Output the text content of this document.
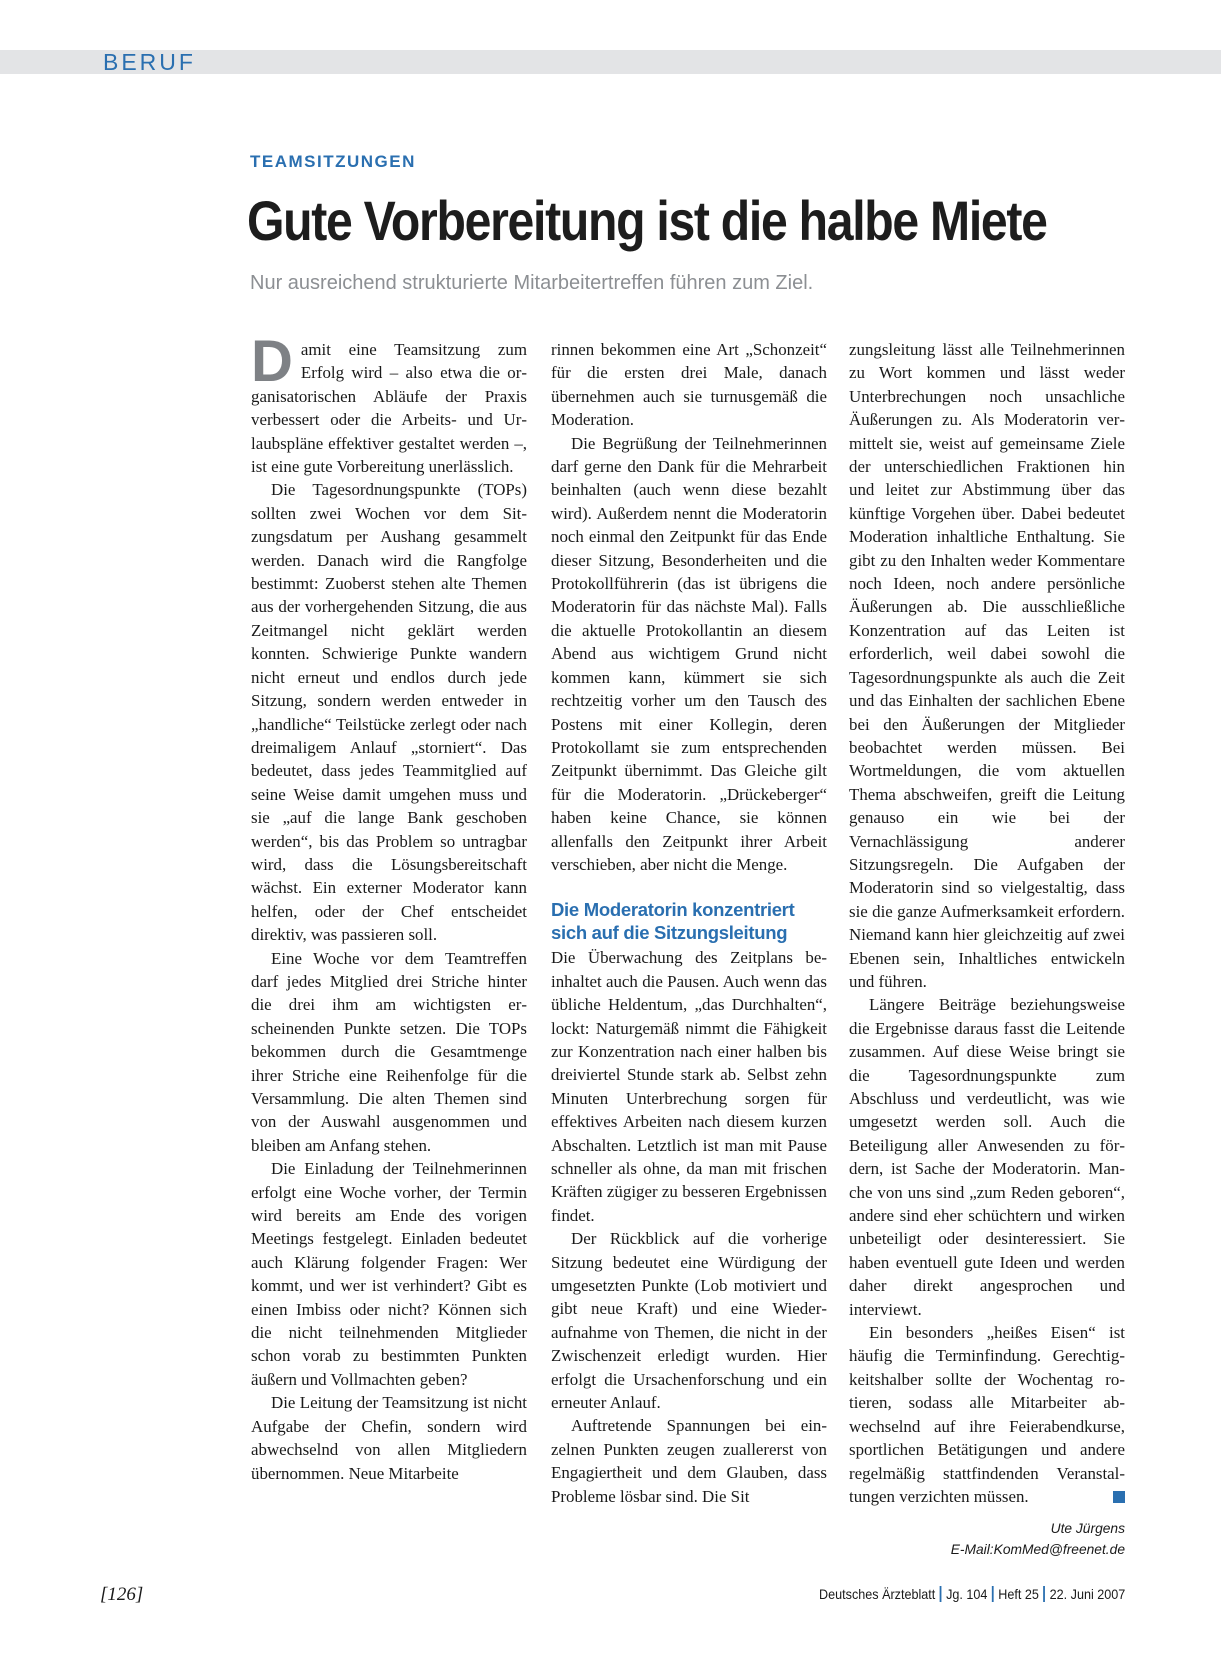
BERUF
TEAMSITZUNGEN
Gute Vorbereitung ist die halbe Miete
Nur ausreichend strukturierte Mitarbeitertreffen führen zum Ziel.

Damit eine Teamsitzung zum Erfolg wird – also etwa die organisatorischen Abläufe der Praxis verbessert oder die Arbeits- und Urlaubspläne effektiver gestaltet werden –, ist eine gute Vorbereitung unerlässlich.

Die Tagesordnungspunkte (TOPs) sollten zwei Wochen vor dem Sitzungsdatum per Aushang gesammelt werden. Danach wird die Rangfolge bestimmt: Zuoberst stehen alte Themen aus der vorhergehenden Sitzung, die aus Zeitmangel nicht geklärt werden konnten. Schwierige Punkte wandern nicht erneut und endlos durch jede Sitzung, sondern werden entweder in „handliche“ Teilstücke zerlegt oder nach dreimaligem Anlauf „storniert“. Das bedeutet, dass jedes Teammitglied auf seine Weise damit umgehen muss und sie „auf die lange Bank geschoben werden“, bis das Problem so untragbar wird, dass die Lösungsbereitschaft wächst. Ein externer Moderator kann helfen, oder der Chef entscheidet direktiv, was passieren soll.

Eine Woche vor dem Teamtreffen darf jedes Mitglied drei Striche hinter die drei ihm am wichtigsten erscheinenden Punkte setzen. Die TOPs bekommen durch die Gesamtmenge ihrer Striche eine Reihenfolge für die Versammlung. Die alten Themen sind von der Auswahl ausgenommen und bleiben am Anfang stehen.

Die Einladung der Teilnehmerinnen erfolgt eine Woche vorher, der Termin wird bereits am Ende des vorigen Meetings festgelegt. Einladen bedeutet auch Klärung folgender Fragen: Wer kommt, und wer ist verhindert? Gibt es einen Imbiss oder nicht? Können sich die nicht teilnehmenden Mitglieder schon vorab zu bestimmten Punkten äußern und Vollmachten geben?

Die Leitung der Teamsitzung ist nicht Aufgabe der Chefin, sondern wird abwechselnd von allen Mitgliedern übernommen. Neue Mitarbeite

rinnen bekommen eine Art „Schonzeit“ für die ersten drei Male, danach übernehmen auch sie turnusgemäß die Moderation.

Die Begrüßung der Teilnehmerinnen darf gerne den Dank für die Mehrarbeit beinhalten (auch wenn diese bezahlt wird). Außerdem nennt die Moderatorin noch einmal den Zeitpunkt für das Ende dieser Sitzung, Besonderheiten und die Protokollführerin (das ist übrigens die Moderatorin für das nächste Mal). Falls die aktuelle Protokollantin an diesem Abend aus wichtigem Grund nicht kommen kann, kümmert sie sich rechtzeitig vorher um den Tausch des Postens mit einer Kollegin, deren Protokollamt sie zum entsprechenden Zeitpunkt übernimmt. Das Gleiche gilt für die Moderatorin. „Drückeberger“ haben keine Chance, sie können allenfalls den Zeitpunkt ihrer Arbeit verschieben, aber nicht die Menge.

Die Moderatorin konzentriert sich auf die Sitzungsleitung

Die Überwachung des Zeitplans beinhaltet auch die Pausen. Auch wenn das übliche Heldentum, „das Durchhalten“, lockt: Naturgemäß nimmt die Fähigkeit zur Konzentration nach einer halben bis dreiviertel Stunde stark ab. Selbst zehn Minuten Unterbrechung sorgen für effektives Arbeiten nach diesem kurzen Abschalten. Letztlich ist man mit Pause schneller als ohne, da man mit frischen Kräften zügiger zu besseren Ergebnissen findet.

Der Rückblick auf die vorherige Sitzung bedeutet eine Würdigung der umgesetzten Punkte (Lob motiviert und gibt neue Kraft) und eine Wiederaufnahme von Themen, die nicht in der Zwischenzeit erledigt wurden. Hier erfolgt die Ursachenforschung und ein erneuter Anlauf.

Auftretende Spannungen bei einzelnen Punkten zeugen zuallererst von Engagiertheit und dem Glauben, dass Probleme lösbar sind. Die Sit

zungsleitung lässt alle Teilnehmerinnen zu Wort kommen und lässt weder Unterbrechungen noch unsachliche Äußerungen zu. Als Moderatorin vermittelt sie, weist auf gemeinsame Ziele der unterschiedlichen Fraktionen hin und leitet zur Abstimmung über das künftige Vorgehen über. Dabei bedeutet Moderation inhaltliche Enthaltung. Sie gibt zu den Inhalten weder Kommentare noch Ideen, noch andere persönliche Äußerungen ab. Die ausschließliche Konzentration auf das Leiten ist erforderlich, weil dabei sowohl die Tagesordnungspunkte als auch die Zeit und das Einhalten der sachlichen Ebene bei den Äußerungen der Mitglieder beobachtet werden müssen. Bei Wortmeldungen, die vom aktuellen Thema abschweifen, greift die Leitung genauso ein wie bei der Vernachlässigung anderer Sitzungsregeln. Die Aufgaben der Moderatorin sind so vielgestaltig, dass sie die ganze Aufmerksamkeit erfordern. Niemand kann hier gleichzeitig auf zwei Ebenen sein, Inhaltliches entwickeln und führen.

Längere Beiträge beziehungsweise die Ergebnisse daraus fasst die Leitende zusammen. Auf diese Weise bringt sie die Tagesordnungspunkte zum Abschluss und verdeutlicht, was wie umgesetzt werden soll. Auch die Beteiligung aller Anwesenden zu fördern, ist Sache der Moderatorin. Manche von uns sind „zum Reden geboren“, andere sind eher schüchtern und wirken unbeteiligt oder desinteressiert. Sie haben eventuell gute Ideen und werden daher direkt angesprochen und interviewt.

Ein besonders „heißes Eisen“ ist häufig die Terminfindung. Gerechtigkeitshalber sollte der Wochentag rotieren, sodass alle Mitarbeiter abwechselnd auf ihre Feierabendkurse, sportlichen Betätigungen und andere regelmäßig stattfindenden Veranstaltungen verzichten müssen.

Ute Jürgens
E-Mail:KomMed@freenet.de
[126]	Deutsches Ärzteblatt Jg. 104 Heft 25 22. Juni 2007
